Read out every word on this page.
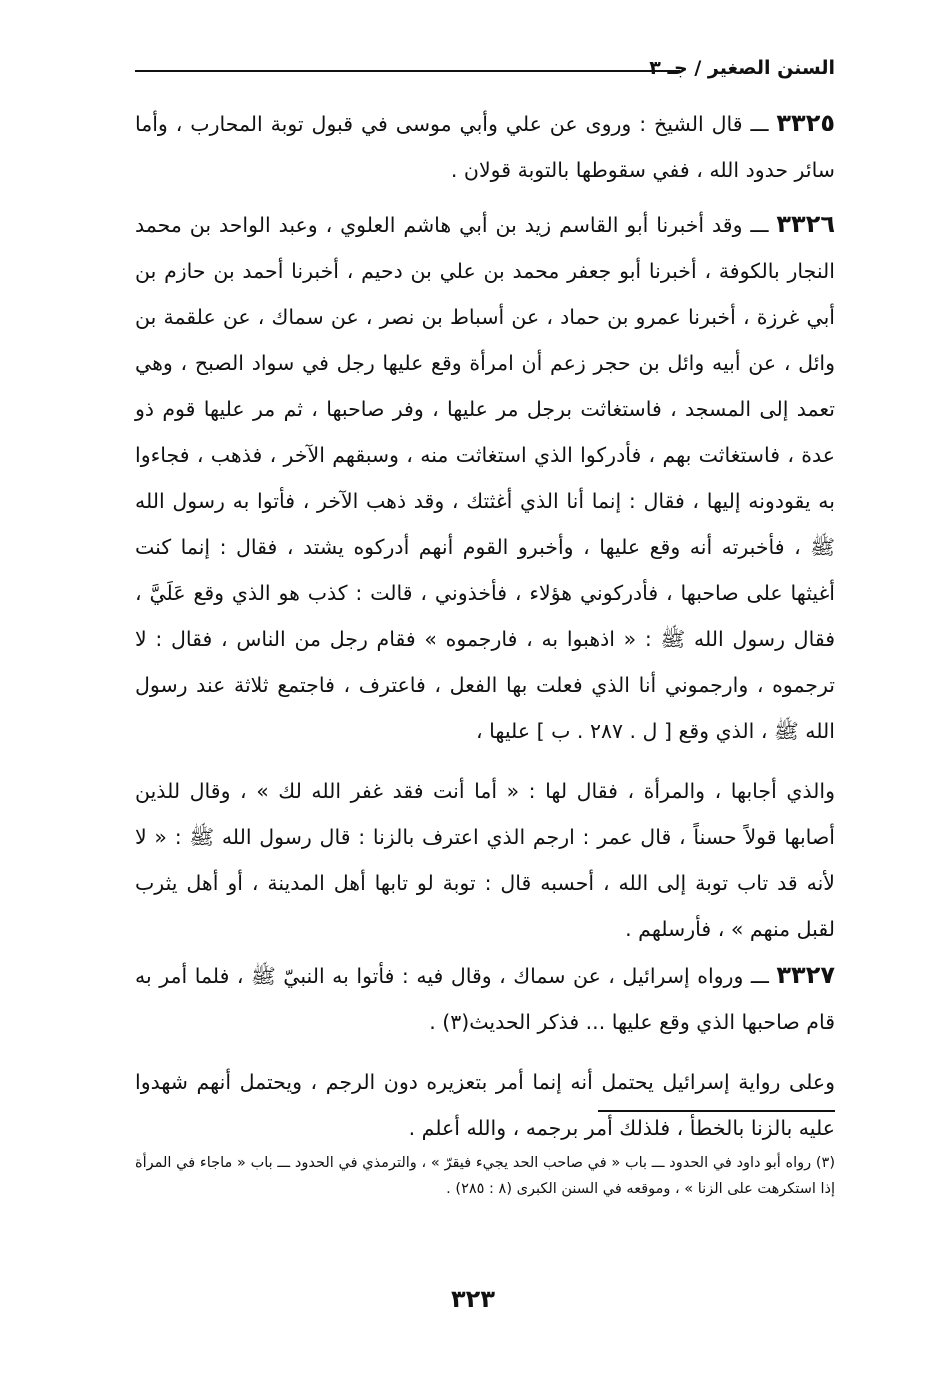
السنن الصغير / جـ ٣

٣٣٢٥ ـــ قال الشيخ : وروى عن علي وأبي موسى في قبول توبة المحارب ، وأما سائر حدود الله ، ففي سقوطها بالتوبة قولان .

٣٣٢٦ ـــ وقد أخبرنا أبو القاسم زيد بن أبي هاشم العلوي ، وعبد الواحد بن محمد النجار بالكوفة ، أخبرنا أبو جعفر محمد بن علي بن دحيم ، أخبرنا أحمد بن حازم بن أبي غرزة ، أخبرنا عمرو بن حماد ، عن أسباط بن نصر ، عن سماك ، عن علقمة بن وائل ، عن أبيه وائل بن حجر زعم أن امرأة وقع عليها رجل في سواد الصبح ، وهي تعمد إلى المسجد ، فاستغاثت برجل مر عليها ، وفر صاحبها ، ثم مر عليها قوم ذو عدة ، فاستغاثت بهم ، فأدركوا الذي استغاثت منه ، وسبقهم الآخر ، فذهب ، فجاءوا به يقودونه إليها ، فقال : إنما أنا الذي أغثتك ، وقد ذهب الآخر ، فأتوا به رسول الله ﷺ ، فأخبرته أنه وقع عليها ، وأخبرو القوم أنهم أدركوه يشتد ، فقال : إنما كنت أغيثها على صاحبها ، فأدركوني هؤلاء ، فأخذوني ، قالت : كذب هو الذي وقع عَلَيَّ ، فقال رسول الله ﷺ : « اذهبوا به ، فارجموه » فقام رجل من الناس ، فقال : لا ترجموه ، وارجموني أنا الذي فعلت بها الفعل ، فاعترف ، فاجتمع ثلاثة عند رسول الله ﷺ ، الذي وقع [ ل . ٢٨٧ . ب ] عليها ،

والذي أجابها ، والمرأة ، فقال لها : « أما أنت فقد غفر الله لك » ، وقال للذين أصابها قولاً حسناً ، قال عمر : ارجم الذي اعترف بالزنا : قال رسول الله ﷺ : « لا لأنه قد تاب توبة إلى الله ، أحسبه قال : توبة لو تابها أهل المدينة ، أو أهل يثرب لقبل منهم » ، فأرسلهم .

٣٣٢٧ ـــ ورواه إسرائيل ، عن سماك ، وقال فيه : فأتوا به النبيّ ﷺ ، فلما أمر به قام صاحبها الذي وقع عليها ... فذكر الحديث(٣) .

وعلى رواية إسرائيل يحتمل أنه إنما أمر بتعزيره دون الرجم ، ويحتمل أنهم شهدوا عليه بالزنا بالخطأ ، فلذلك أمر برجمه ، والله أعلم .

(٣) رواه أبو داود في الحدود ـــ باب « في صاحب الحد يجيء فيقرّ » ، والترمذي في الحدود ـــ باب « ماجاء في المرأة إذا استكرهت على الزنا » ، وموقعه في السنن الكبرى (٨ : ٢٨٥) .

٣٢٣
